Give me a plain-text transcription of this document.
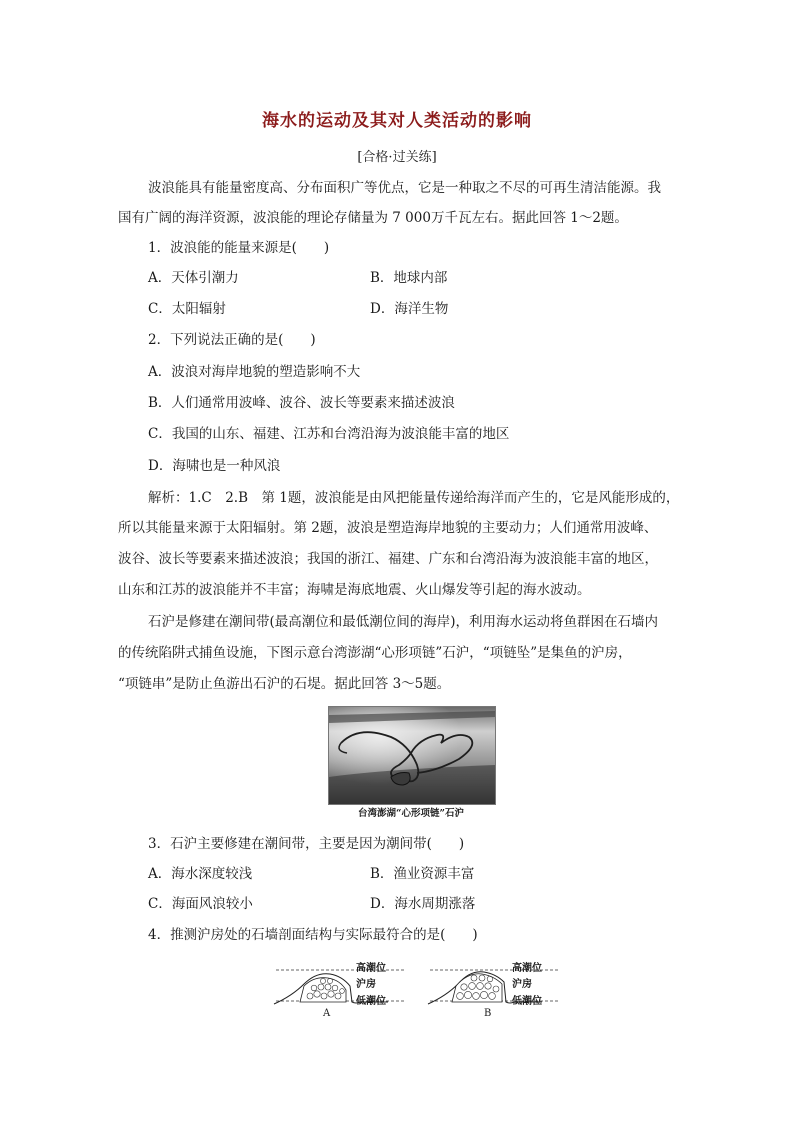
海水的运动及其对人类活动的影响
[合格·过关练]
波浪能具有能量密度高、分布面积广等优点，它是一种取之不尽的可再生清洁能源。我
国有广阔的海洋资源，波浪能的理论存储量为 7 000万千瓦左右。据此回答 1～2题。
1．波浪能的能量来源是(　　)
A．天体引潮力	B．地球内部
C．太阳辐射	D．海洋生物
2．下列说法正确的是(　　)
A．波浪对海岸地貌的塑造影响不大
B．人们通常用波峰、波谷、波长等要素来描述波浪
C．我国的山东、福建、江苏和台湾沿海为波浪能丰富的地区
D．海啸也是一种风浪
解析：1.C　2.B　第 1题，波浪能是由风把能量传递给海洋而产生的，它是风能形成的，
所以其能量来源于太阳辐射。第 2题，波浪是塑造海岸地貌的主要动力；人们通常用波峰、
波谷、波长等要素来描述波浪；我国的浙江、福建、广东和台湾沿海为波浪能丰富的地区，
山东和江苏的波浪能并不丰富；海啸是海底地震、火山爆发等引起的海水波动。
石沪是修建在潮间带(最高潮位和最低潮位间的海岸)，利用海水运动将鱼群困在石墙内
的传统陷阱式捕鱼设施，下图示意台湾澎湖“心形项链”石沪，“项链坠”是集鱼的沪房，
“项链串”是防止鱼游出石沪的石堤。据此回答 3～5题。
台湾澎湖“心形项链”石沪
3．石沪主要修建在潮间带，主要是因为潮间带(　　)
A．海水深度较浅	B．渔业资源丰富
C．海面风浪较小	D．海水周期涨落
4．推测沪房处的石墙剖面结构与实际最符合的是(　　)
高潮位
沪房
低潮位
A
高潮位
沪房
低潮位
B
